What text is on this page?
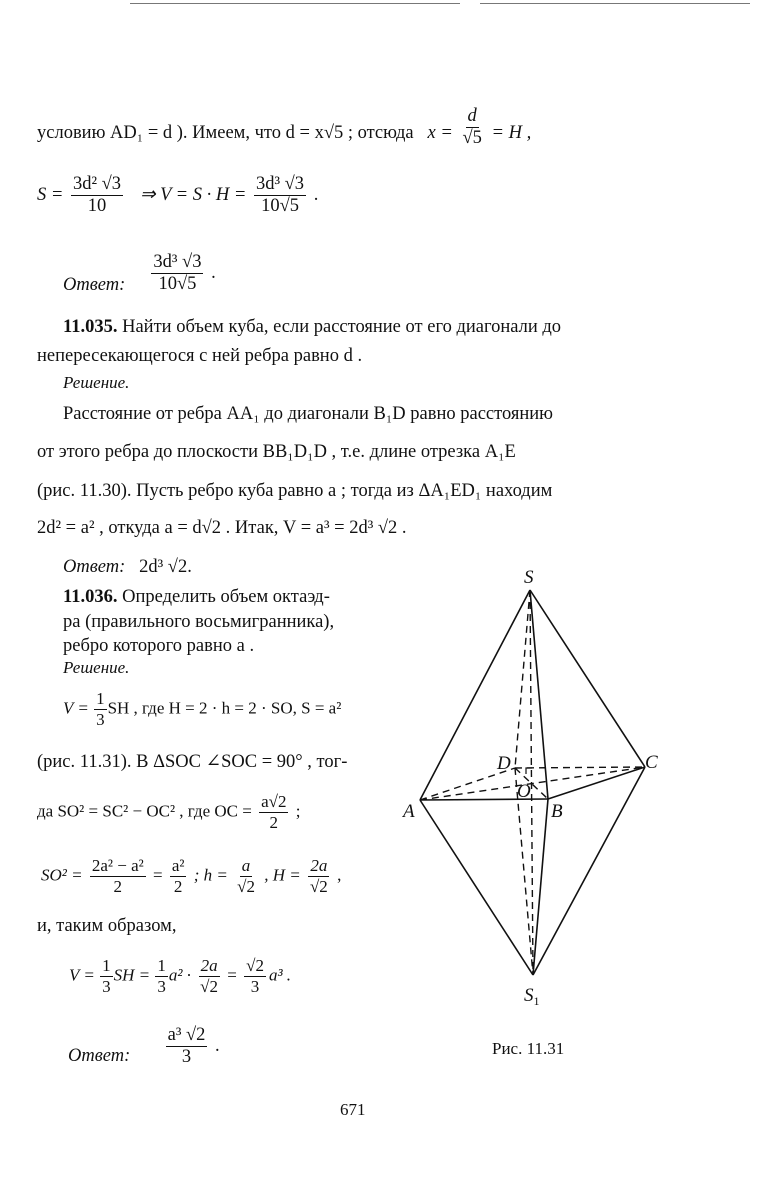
условию AD₁ = d ). Имеем, что d = x√5 ; отсюда $x = \frac{d}{√5} = H$ ,
$S = \frac{\text{3d² √3}}{10}$ ⇒ $V = S \cdot H = \frac{\text{3d³ √3}}{10√5}$ .
Ответ: $\frac{\text{3d³ √3}}{10√5}$ .
11.035. Найти объем куба, если расстояние от его диагонали до
непересекающегося с ней ребра равно d .
Решение.
Расстояние от ребра AA₁ до диагонали B₁D равно расстоянию
от этого ребра до плоскости BB₁D₁D , т.е. длине отрезка A₁E
(рис. 11.30). Пусть ребро куба равно a ; тогда из ΔA₁ED₁ находим
2d² = a² , откуда a = d√2 . Итак, V = a³ = 2d³ √2 .
Ответ: 2d³ √2.
11.036. Определить объем октаэд-
ра (правильного восьмигранника),
ребро которого равно a .
Решение.
$V = \frac{1}{3}$ SH , где H = 2 · h = 2 · SO, S = a²
(рис. 11.31). В ΔSOC ∠SOC = 90° , тог-
да SO² = SC² − OC² , где OC = $\frac{a√2}{2}$ ;
$SO^2 = \frac{\text{2a² − a²}}{2} = \frac{\text{a²}}{2}$ ; $h = \frac{a}{√2}$ , $H = \frac{2a}{√2}$ ,
и, таким образом,
$V = \frac{1}{3}$ SH = $\frac{1}{3} a^2 \cdot \frac{2a}{√2} = \frac{√2}{3} a^3$ .
Ответ: $\frac{\text{a³ √2}}{3}$ .
S
A	B
C
D
O
$S_1$
Рис. 11.31
671
